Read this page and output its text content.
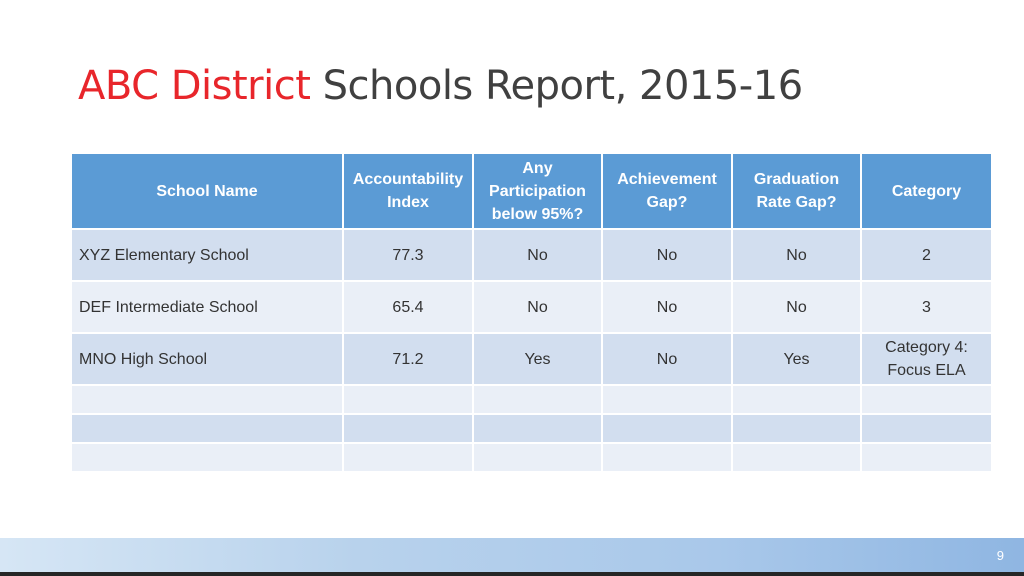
ABC District Schools Report, 2015-16
School Name	Accountability Index	Any Participation below 95%?	Achievement Gap?	Graduation Rate Gap?	Category
XYZ Elementary School	77.3	No	No	No	2
DEF Intermediate School	65.4	No	No	No	3
MNO High School	71.2	Yes	No	Yes	Category 4: Focus ELA

9
